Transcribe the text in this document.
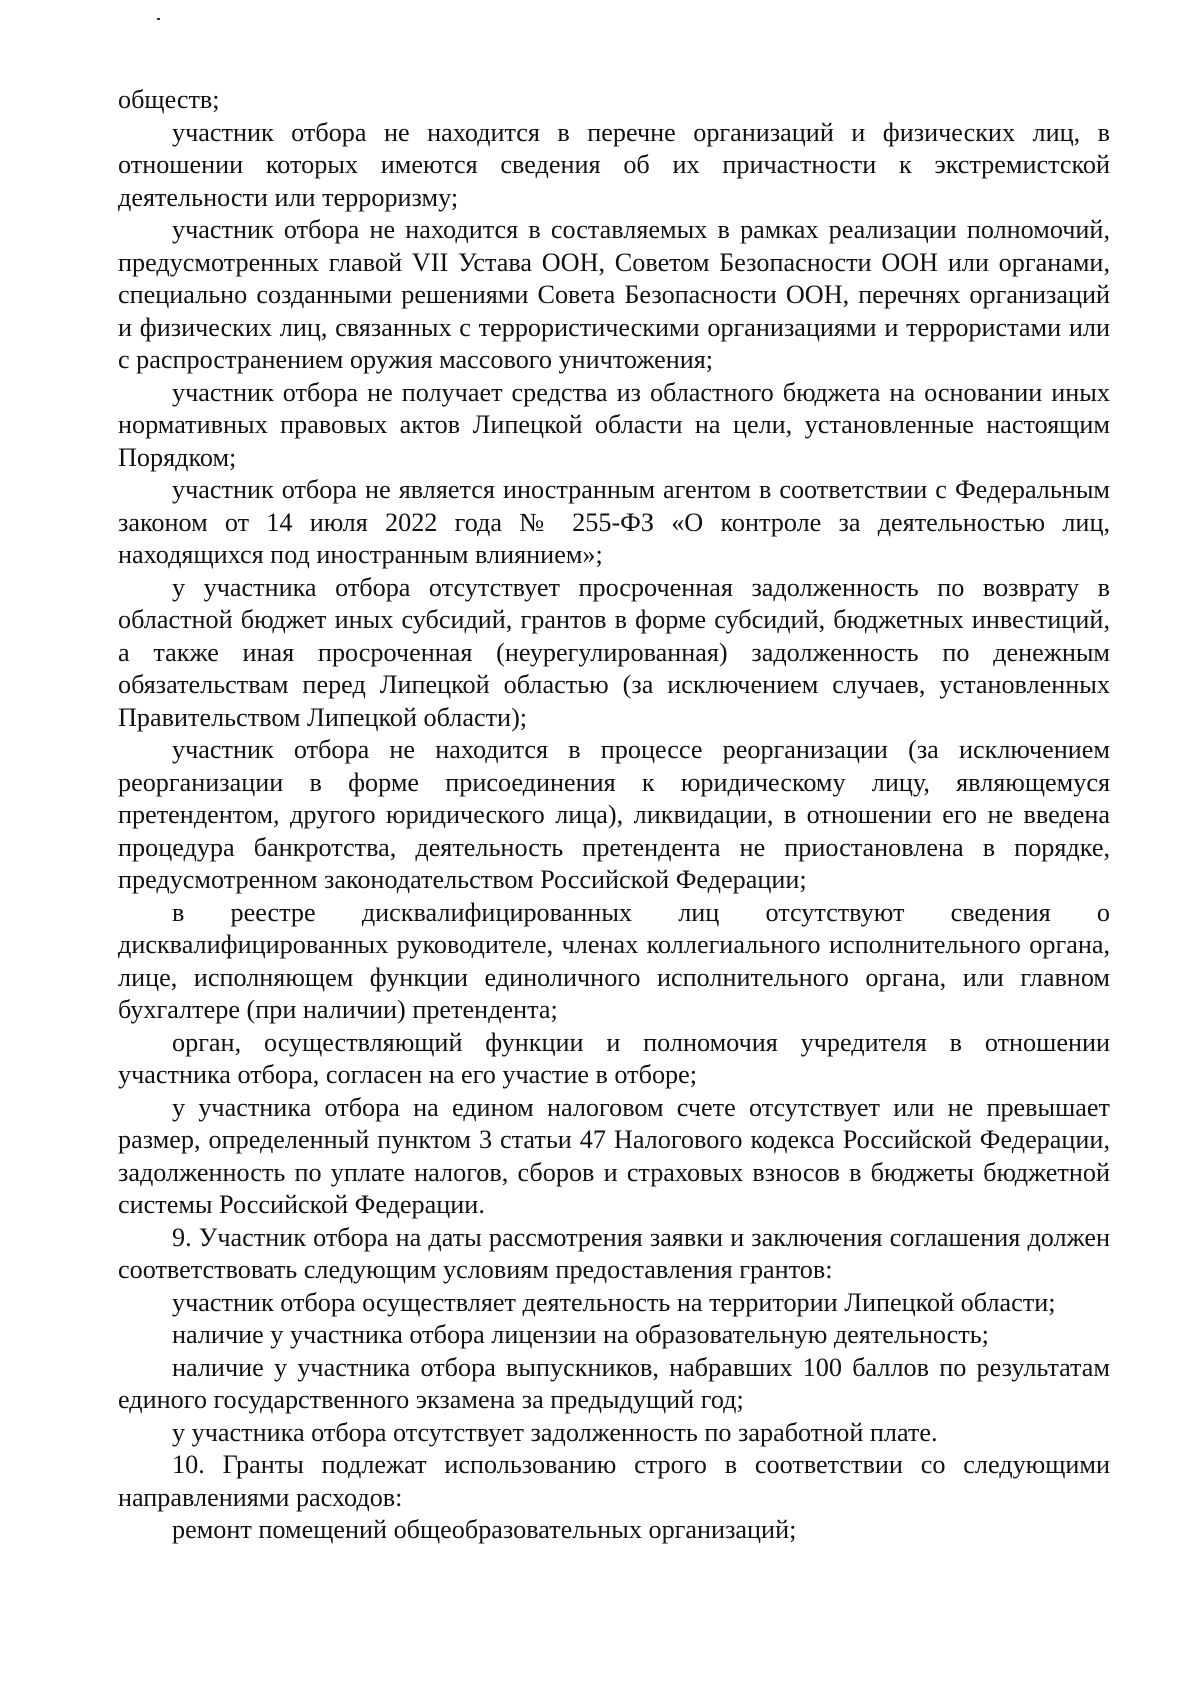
обществ;

участник отбора не находится в перечне организаций и физических лиц, в отношении которых имеются сведения об их причастности к экстремистской деятельности или терроризму;

участник отбора не находится в составляемых в рамках реализации полномочий, предусмотренных главой VII Устава ООН, Советом Безопасности ООН или органами, специально созданными решениями Совета Безопасности ООН, перечнях организаций и физических лиц, связанных с террористическими организациями и террористами или с распространением оружия массового уничтожения;

участник отбора не получает средства из областного бюджета на основании иных нормативных правовых актов Липецкой области на цели, установленные настоящим Порядком;

участник отбора не является иностранным агентом в соответствии с Федеральным законом от 14 июля 2022 года № 255-ФЗ «О контроле за деятельностью лиц, находящихся под иностранным влиянием»;

у участника отбора отсутствует просроченная задолженность по возврату в областной бюджет иных субсидий, грантов в форме субсидий, бюджетных инвестиций, а также иная просроченная (неурегулированная) задолженность по денежным обязательствам перед Липецкой областью (за исключением случаев, установленных Правительством Липецкой области);

участник отбора не находится в процессе реорганизации (за исключением реорганизации в форме присоединения к юридическому лицу, являющемуся претендентом, другого юридического лица), ликвидации, в отношении его не введена процедура банкротства, деятельность претендента не приостановлена в порядке, предусмотренном законодательством Российской Федерации;

в реестре дисквалифицированных лиц отсутствуют сведения о дисквалифицированных руководителе, членах коллегиального исполнительного органа, лице, исполняющем функции единоличного исполнительного органа, или главном бухгалтере (при наличии) претендента;

орган, осуществляющий функции и полномочия учредителя в отношении участника отбора, согласен на его участие в отборе;

у участника отбора на едином налоговом счете отсутствует или не превышает размер, определенный пунктом 3 статьи 47 Налогового кодекса Российской Федерации, задолженность по уплате налогов, сборов и страховых взносов в бюджеты бюджетной системы Российской Федерации.

9. Участник отбора на даты рассмотрения заявки и заключения соглашения должен соответствовать следующим условиям предоставления грантов:

участник отбора осуществляет деятельность на территории Липецкой области;

наличие у участника отбора лицензии на образовательную деятельность;

наличие у участника отбора выпускников, набравших 100 баллов по результатам единого государственного экзамена за предыдущий год;

у участника отбора отсутствует задолженность по заработной плате.

10. Гранты подлежат использованию строго в соответствии со следующими направлениями расходов:

ремонт помещений общеобразовательных организаций;
